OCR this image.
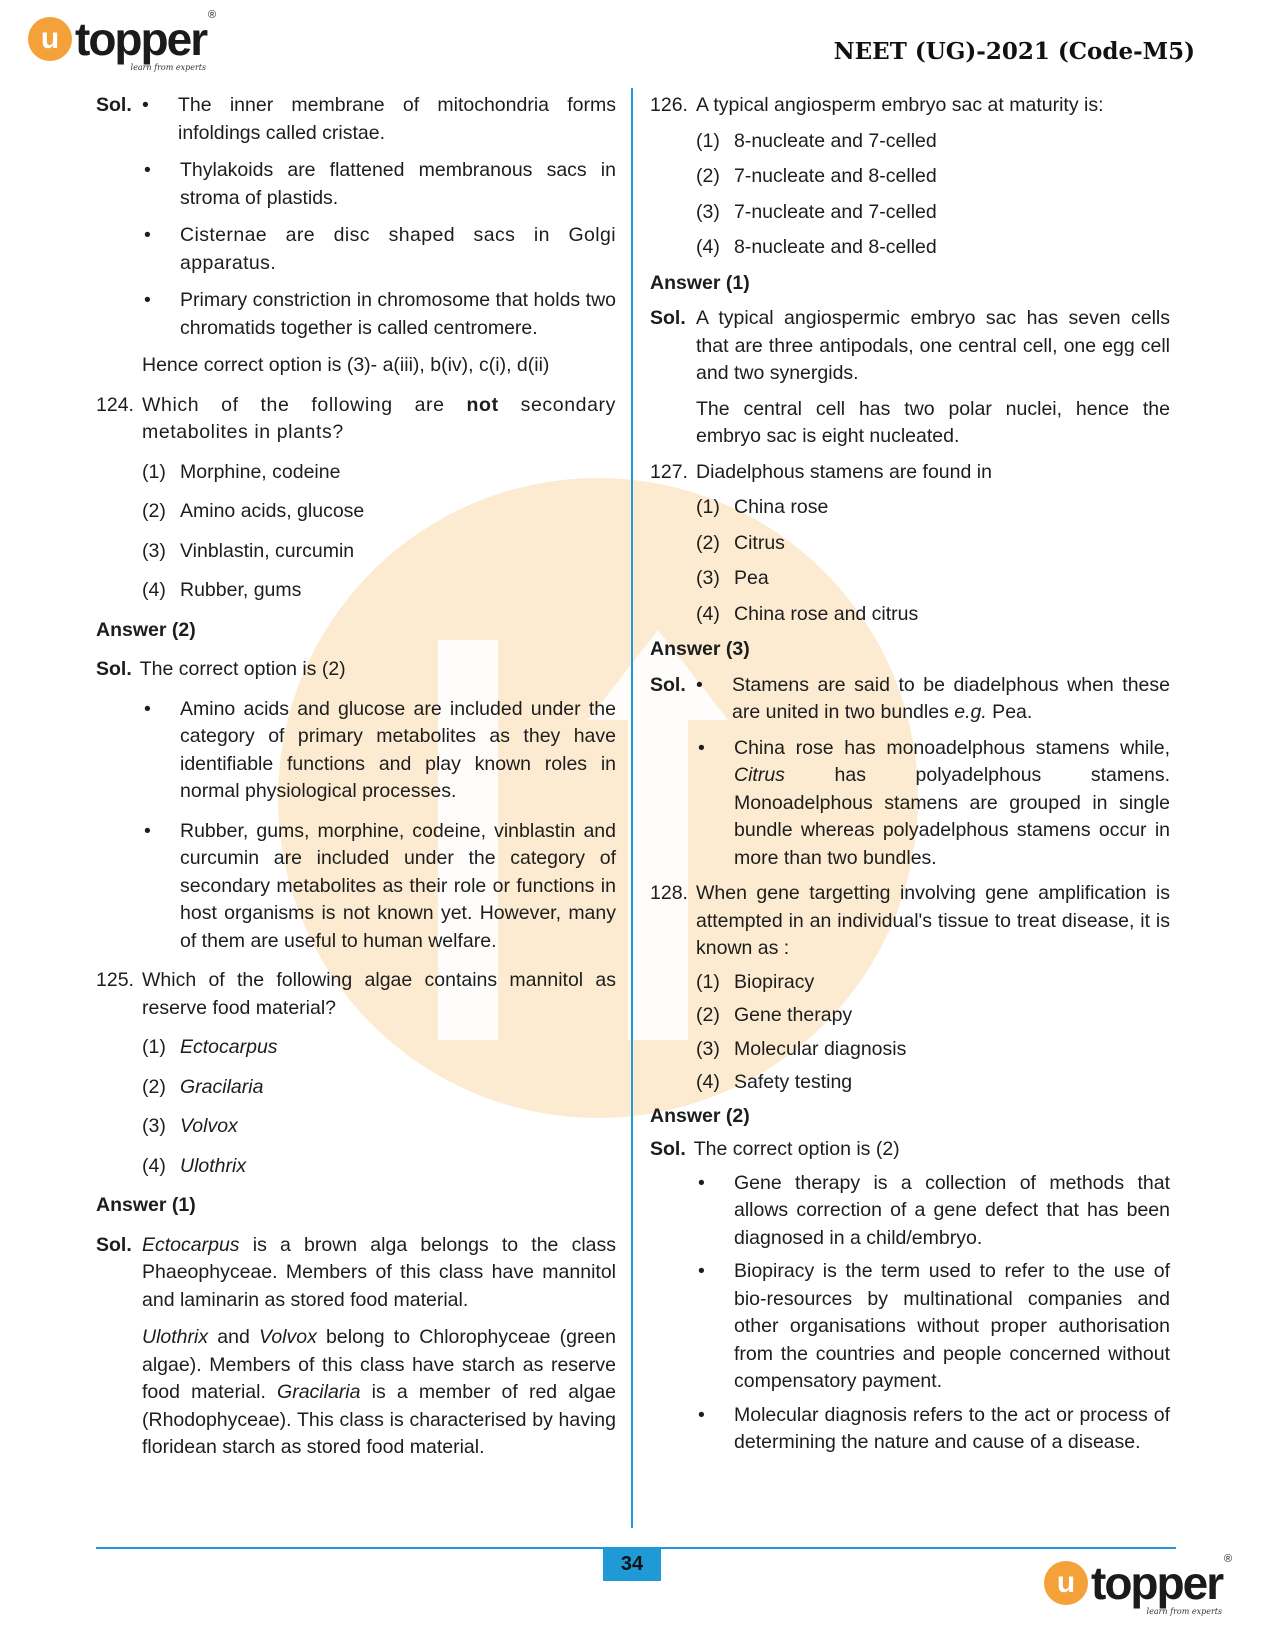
u topper ®
learn from experts
NEET (UG)-2021 (Code-M5)
Sol. •	The inner membrane of mitochondria forms infoldings called cristae.
•	Thylakoids are flattened membranous sacs in stroma of plastids.
•	Cisternae are disc shaped sacs in Golgi apparatus.
•	Primary constriction in chromosome that holds two chromatids together is called centromere.

Hence correct option is (3)- a(iii), b(iv), c(i), d(ii)

124. Which of the following are not secondary metabolites in plants?
(1) Morphine, codeine
(2) Amino acids, glucose
(3) Vinblastin, curcumin
(4) Rubber, gums

Answer (2)

Sol. The correct option is (2)
•	Amino acids and glucose are included under the category of primary metabolites as they have identifiable functions and play known roles in normal physiological processes.
•	Rubber, gums, morphine, codeine, vinblastin and curcumin are included under the category of secondary metabolites as their role or functions in host organisms is not known yet. However, many of them are useful to human welfare.
125. Which of the following algae contains mannitol as reserve food material?
(1) Ectocarpus
(2) Gracilaria
(3) Volvox
(4) Ulothrix

Answer (1)

Sol. Ectocarpus is a brown alga belongs to the class Phaeophyceae. Members of this class have mannitol and laminarin as stored food material.

Ulothrix and Volvox belong to Chlorophyceae (green algae). Members of this class have starch as reserve food material. Gracilaria is a member of red algae (Rhodophyceae). This class is characterised by having floridean starch as stored food material.

126. A typical angiosperm embryo sac at maturity is:
(1) 8-nucleate and 7-celled
(2) 7-nucleate and 8-celled
(3) 7-nucleate and 7-celled
(4) 8-nucleate and 8-celled

Answer (1)

Sol. A typical angiospermic embryo sac has seven cells that are three antipodals, one central cell, one egg cell and two synergids.

The central cell has two polar nuclei, hence the embryo sac is eight nucleated.

127. Diadelphous stamens are found in
(1) China rose
(2) Citrus
(3) Pea
(4) China rose and citrus

Answer (3)

Sol. •	Stamens are said to be diadelphous when these are united in two bundles e.g. Pea.
•	China rose has monoadelphous stamens while, Citrus has polyadelphous stamens. Monoadelphous stamens are grouped in single bundle whereas polyadelphous stamens occur in more than two bundles.
128. When gene targetting involving gene amplification is attempted in an individual's tissue to treat disease, it is known as :
(1) Biopiracy
(2) Gene therapy
(3) Molecular diagnosis
(4) Safety testing

Answer (2)

Sol. The correct option is (2)
•	Gene therapy is a collection of methods that allows correction of a gene defect that has been diagnosed in a child/embryo.
•	Biopiracy is the term used to refer to the use of bio-resources by multinational companies and other organisations without proper authorisation from the countries and people concerned without compensatory payment.
•	Molecular diagnosis refers to the act or process of determining the nature and cause of a disease.
34
u topper ®
learn from experts
